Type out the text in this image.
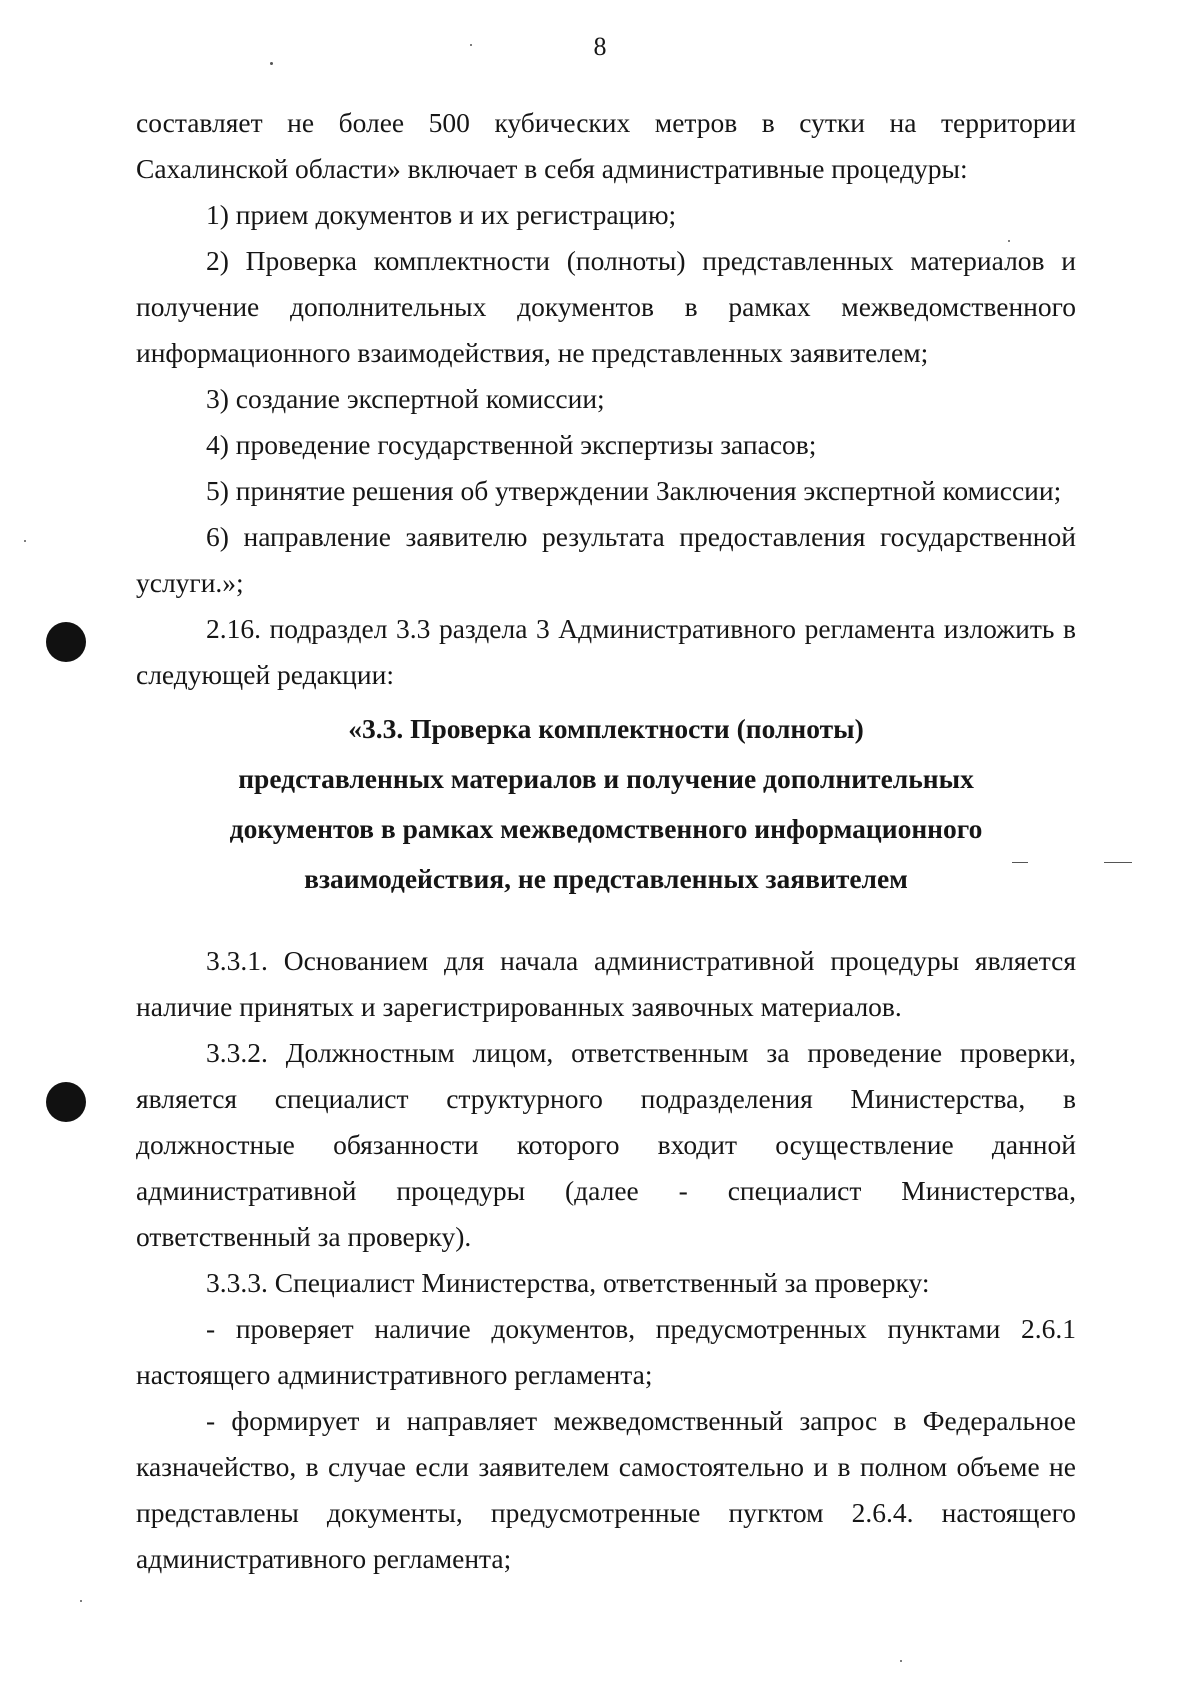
8

составляет не более 500 кубических метров в сутки на территории Сахалинской области» включает в себя административные процедуры:

1) прием документов и их регистрацию;

2) Проверка комплектности (полноты) представленных материалов и получение дополнительных документов в рамках межведомственного информационного взаимодействия, не представленных заявителем;

3) создание экспертной комиссии;

4) проведение государственной экспертизы запасов;

5) принятие решения об утверждении Заключения экспертной комиссии;

6) направление заявителю результата предоставления государственной услуги.»;

2.16. подраздел 3.3 раздела 3 Административного регламента изложить в следующей редакции:

«3.3. Проверка комплектности (полноты)
представленных материалов и получение дополнительных
документов в рамках межведомственного информационного
взаимодействия, не представленных заявителем

3.3.1. Основанием для начала административной процедуры является наличие принятых и зарегистрированных заявочных материалов.

3.3.2. Должностным лицом, ответственным за проведение проверки, является специалист структурного подразделения Министерства, в должностные обязанности которого входит осуществление данной административной процедуры (далее - специалист Министерства, ответственный за проверку).

3.3.3. Специалист Министерства, ответственный за проверку:

- проверяет наличие документов, предусмотренных пунктами 2.6.1 настоящего административного регламента;

- формирует и направляет межведомственный запрос в Федеральное казначейство, в случае если заявителем самостоятельно и в полном объеме не представлены документы, предусмотренные пугктом 2.6.4. настоящего административного регламента;
